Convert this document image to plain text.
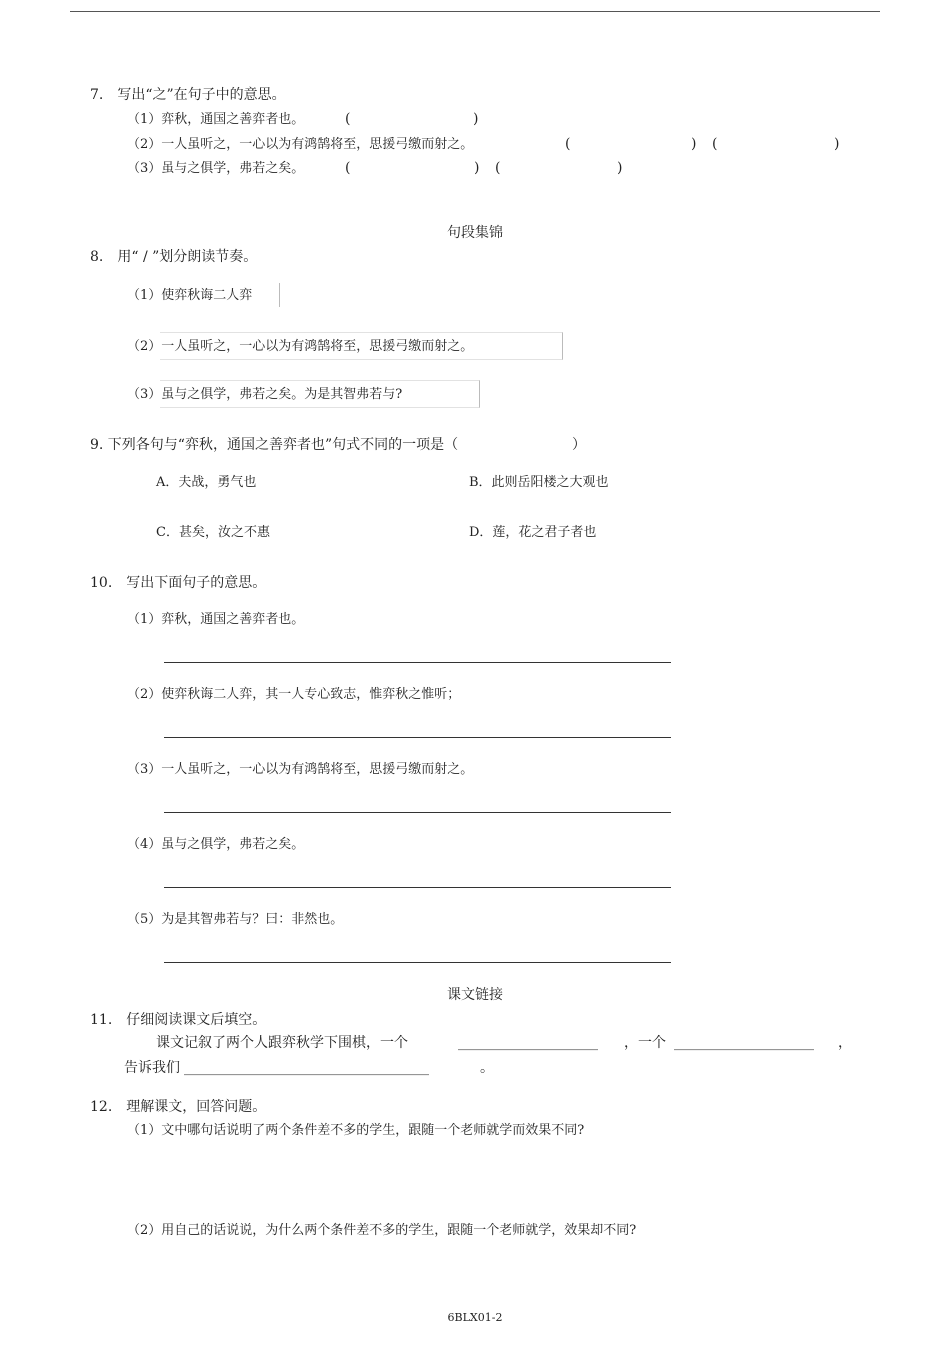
7.　写出“之”在句子中的意思。
（1）弈秋，通国之善弈者也。	(	)
（2）一人虽听之，一心以为有鸿鹄将至，思援弓缴而射之。	(	) (	)
（3）虽与之俱学，弗若之矣。	(	) (	)
句段集锦
8.　用“ / ”划分朗读节奏。
（1）使弈秋诲二人弈
（2）一人虽听之，一心以为有鸿鹄将至，思援弓缴而射之。
（3）虽与之俱学，弗若之矣。为是其智弗若与?
9. 下列各句与“弈秋，通国之善弈者也”句式不同的一项是（	）
A．夫战，勇气也	B．此则岳阳楼之大观也
C．甚矣，汝之不惠	D．莲，花之君子者也
10.　写出下面句子的意思。
（1）弈秋，通国之善弈者也。
（2）使弈秋诲二人弈，其一人专心致志，惟弈秋之惟听；
（3）一人虽听之，一心以为有鸿鹄将至，思援弓缴而射之。
（4）虽与之俱学，弗若之矣。
（5）为是其智弗若与？曰：非然也。
课文链接
11.　仔细阅读课文后填空。
课文记叙了两个人跟弈秋学下围棋，一个	____________________ ，一个 ____________________ ，
告诉我们 ___________________________________	。
12.　理解课文，回答问题。
（1）文中哪句话说明了两个条件差不多的学生，跟随一个老师就学而效果不同?
（2）用自己的话说说，为什么两个条件差不多的学生，跟随一个老师就学，效果却不同?
6BLX01-2
